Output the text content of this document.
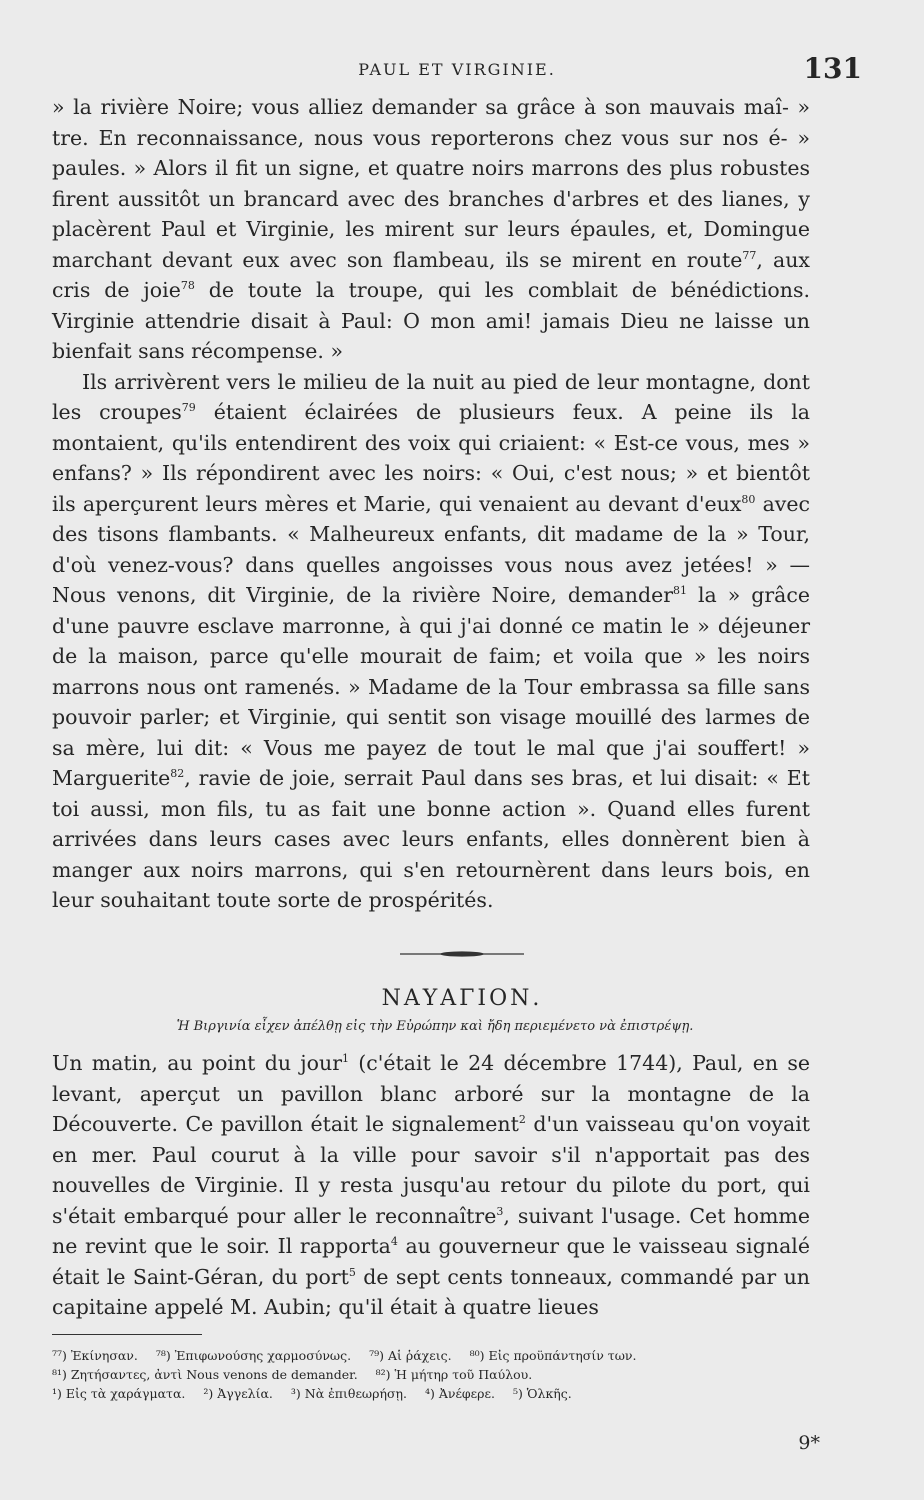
PAUL ET VIRGINIE.	131

» la rivière Noire; vous alliez demander sa grâce à son mauvais maî- » tre. En reconnaissance, nous vous reporterons chez vous sur nos é- » paules. » Alors il fit un signe, et quatre noirs marrons des plus robustes firent aussitôt un brancard avec des branches d'arbres et des lianes, y placèrent Paul et Virginie, les mirent sur leurs épaules, et, Domingue marchant devant eux avec son flambeau, ils se mirent en route$^{77}$, aux cris de joie$^{78}$ de toute la troupe, qui les comblait de bénédictions. Virginie attendrie disait à Paul: O mon ami! jamais Dieu ne laisse un bienfait sans récompense. »

Ils arrivèrent vers le milieu de la nuit au pied de leur montagne, dont les croupes$^{79}$ étaient éclairées de plusieurs feux. A peine ils la montaient, qu'ils entendirent des voix qui criaient: « Est-ce vous, mes » enfans? » Ils répondirent avec les noirs: « Oui, c'est nous; » et bientôt ils aperçurent leurs mères et Marie, qui venaient au devant d'eux$^{80}$ avec des tisons flambants. « Malheureux enfants, dit madame de la » Tour, d'où venez-vous? dans quelles angoisses vous nous avez jetées! » — Nous venons, dit Virginie, de la rivière Noire, demander$^{81}$ la » grâce d'une pauvre esclave marronne, à qui j'ai donné ce matin le » déjeuner de la maison, parce qu'elle mourait de faim; et voila que » les noirs marrons nous ont ramenés. » Madame de la Tour embrassa sa fille sans pouvoir parler; et Virginie, qui sentit son visage mouillé des larmes de sa mère, lui dit: « Vous me payez de tout le mal que j'ai souffert! » Marguerite$^{82}$, ravie de joie, serrait Paul dans ses bras, et lui disait: « Et toi aussi, mon fils, tu as fait une bonne action ». Quand elles furent arrivées dans leurs cases avec leurs enfants, elles donnèrent bien à manger aux noirs marrons, qui s'en retournèrent dans leurs bois, en leur souhaitant toute sorte de prospérités.

ΝΑΥΑΓΙΟΝ.
Ἡ Βιργινία εἶχεν ἀπέλθῃ εἰς τὴν Εὐρώπην καὶ ἤδη περιεμένετο νὰ ἐπιστρέψῃ.

Un matin, au point du jour$^1$ (c'était le 24 décembre 1744), Paul, en se levant, aperçut un pavillon blanc arboré sur la montagne de la Découverte. Ce pavillon était le signalement$^2$ d'un vaisseau qu'on voyait en mer. Paul courut à la ville pour savoir s'il n'apportait pas des nouvelles de Virginie. Il y resta jusqu'au retour du pilote du port, qui s'était embarqué pour aller le reconnaître$^3$, suivant l'usage. Cet homme ne revint que le soir. Il rapporta$^4$ au gouverneur que le vaisseau signalé était le Saint-Géran, du port$^5$ de sept cents tonneaux, commandé par un capitaine appelé M. Aubin; qu'il était à quatre lieues

⁷⁷) Ἐκίνησαν. ⁷⁸) Ἐπιφωνούσης χαρμοσύνως. ⁷⁹) Αἱ ῥάχεις. ⁸⁰) Εἰς προϋπάντησίν των.
⁸¹) Ζητήσαντες, ἀντὶ Nous venons de demander. ⁸²) Ἡ μήτηρ τοῦ Παύλου.
¹) Εἰς τὰ χαράγματα. ²) Ἀγγελία. ³) Νὰ ἐπιθεωρήσῃ. ⁴) Ἀνέφερε. ⁵) Ὁλκῆς.
9*
